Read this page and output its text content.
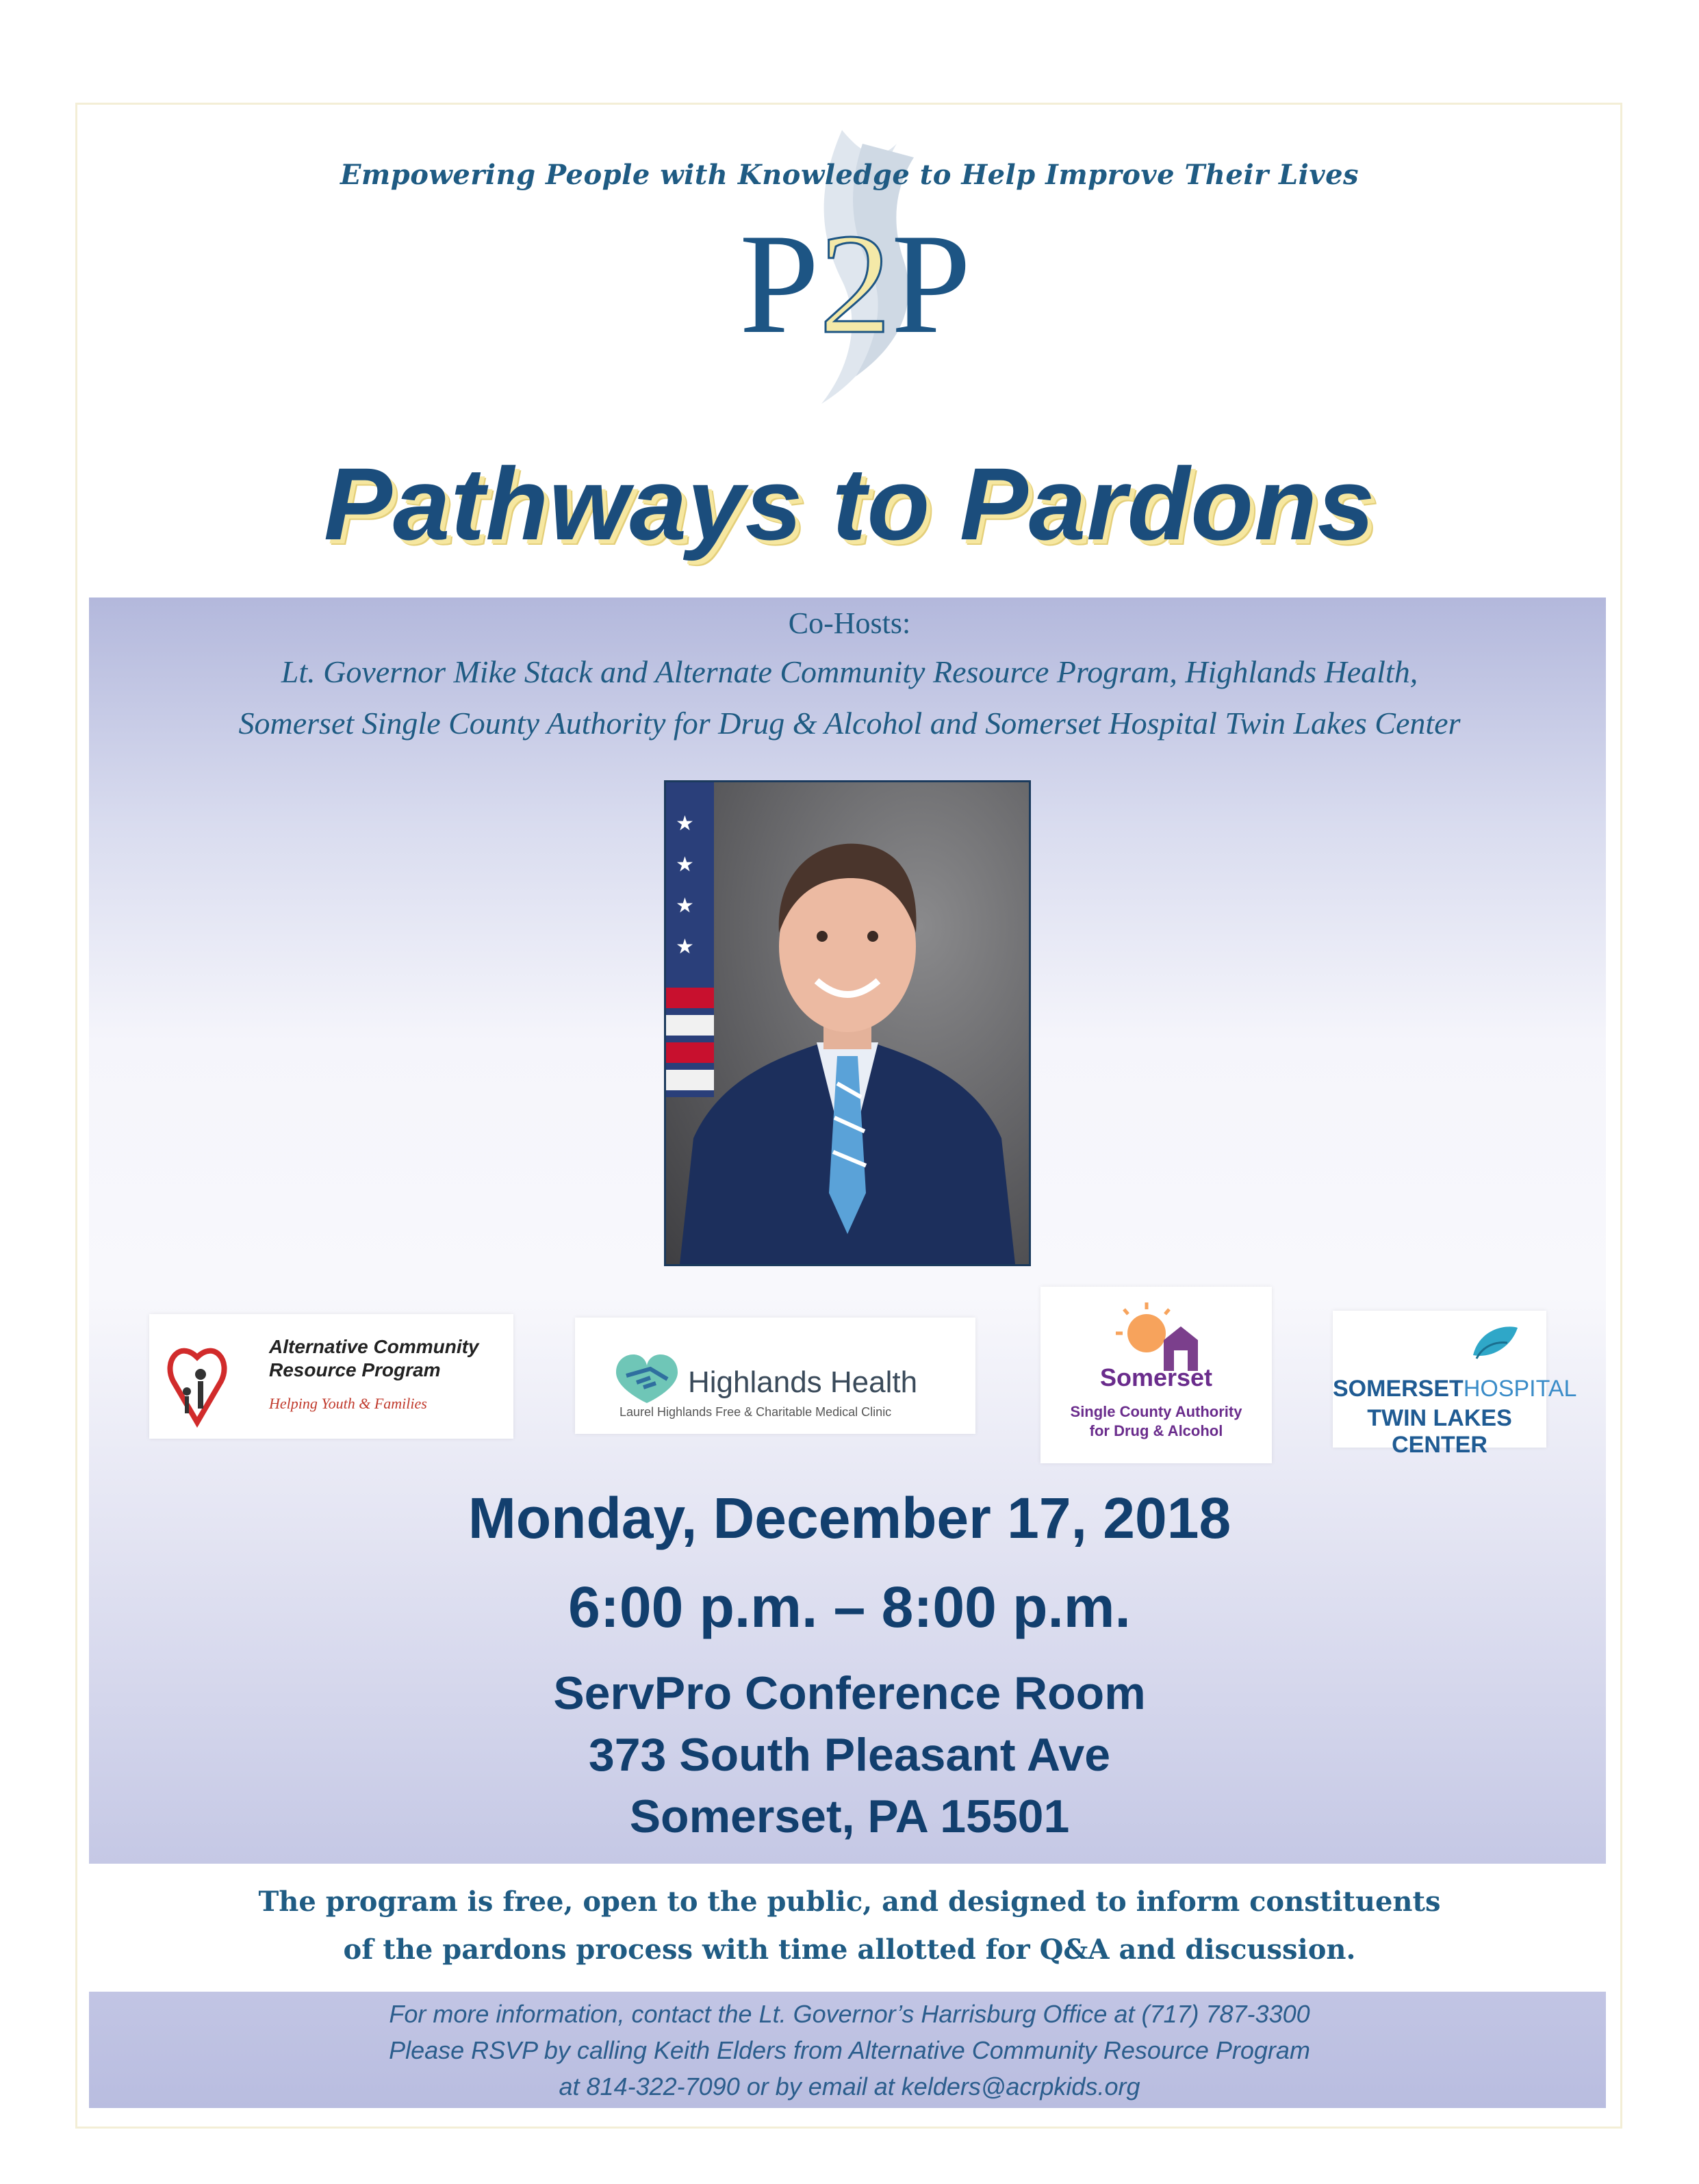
P2P
Empowering People with Knowledge to Help Improve Their Lives
Pathways to Pardons
Co-Hosts:
Lt. Governor Mike Stack and Alternate Community Resource Program, Highlands Health,
Somerset Single County Authority for Drug & Alcohol and Somerset Hospital Twin Lakes Center
★
★
★
★
Alternative Community
Resource Program
Helping Youth & Families
Highlands Health
Laurel Highlands Free & Charitable Medical Clinic
Somerset
Single County Authority
for Drug & Alcohol
SOMERSETHOSPITAL
TWIN LAKES CENTER
Monday, December 17, 2018
6:00 p.m. – 8:00 p.m.
ServPro Conference Room
373 South Pleasant Ave
Somerset, PA 15501
The program is free, open to the public, and designed to inform constituents
of the pardons process with time allotted for Q&A and discussion.
For more information, contact the Lt. Governor’s Harrisburg Office at (717) 787-3300
Please RSVP by calling Keith Elders from Alternative Community Resource Program
at 814-322-7090 or by email at kelders@acrpkids.org
